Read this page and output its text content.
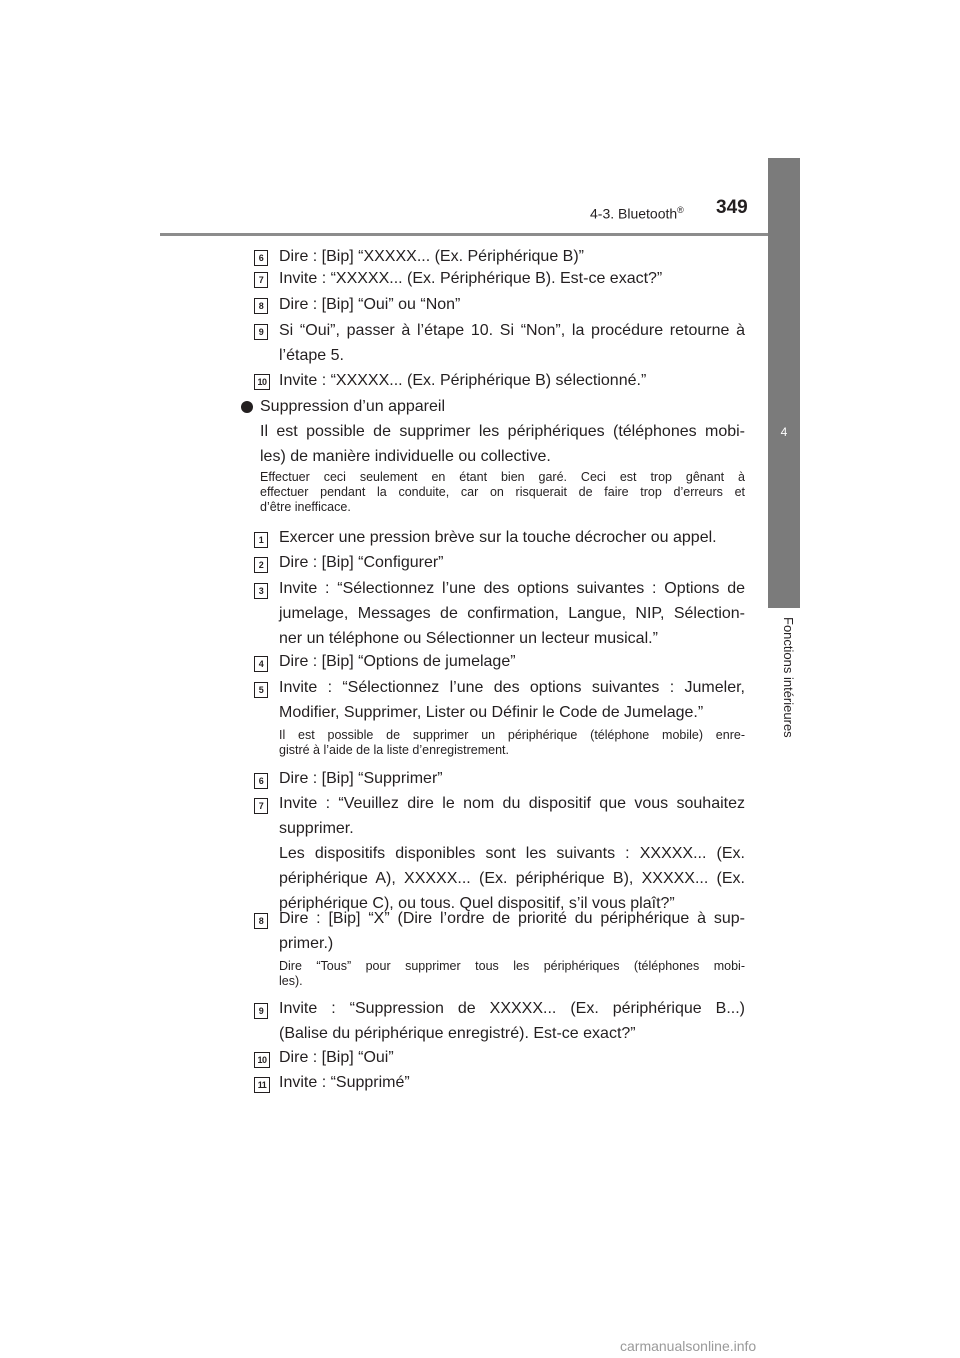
4-3. Bluetooth® 349
4
Fonctions intérieures
6 Dire : [Bip] “XXXXX... (Ex. Périphérique B)”
7 Invite : “XXXXX... (Ex. Périphérique B). Est-ce exact?”
8 Dire : [Bip] “Oui” ou “Non”
9 Si “Oui”, passer à l’étape 10. Si “Non”, la procédure retourne à
l’étape 5.
10 Invite : “XXXXX... (Ex. Périphérique B) sélectionné.”
Suppression d’un appareil
Il est possible de supprimer les périphériques (téléphones mobi-
les) de manière individuelle ou collective.
Effectuer ceci seulement en étant bien garé. Ceci est trop gênant à
effectuer pendant la conduite, car on risquerait de faire trop d’erreurs et
d’être inefficace.
1 Exercer une pression brève sur la touche décrocher ou appel.
2 Dire : [Bip] “Configurer”
3 Invite : “Sélectionnez l’une des options suivantes : Options de
jumelage, Messages de confirmation, Langue, NIP, Sélection-
ner un téléphone ou Sélectionner un lecteur musical.”
4 Dire : [Bip] “Options de jumelage”
5 Invite : “Sélectionnez l’une des options suivantes : Jumeler,
Modifier, Supprimer, Lister ou Définir le Code de Jumelage.”
Il est possible de supprimer un périphérique (téléphone mobile) enre-
gistré à l’aide de la liste d’enregistrement.
6 Dire : [Bip] “Supprimer”
7 Invite : “Veuillez dire le nom du dispositif que vous souhaitez
supprimer.
Les dispositifs disponibles sont les suivants : XXXXX... (Ex.
périphérique A), XXXXX... (Ex. périphérique B), XXXXX... (Ex.
périphérique C), ou tous. Quel dispositif, s’il vous plaît?”
8 Dire : [Bip] “X” (Dire l’ordre de priorité du périphérique à sup-
primer.)
Dire “Tous” pour supprimer tous les périphériques (téléphones mobi-
les).
9 Invite : “Suppression de XXXXX... (Ex. périphérique B...)
(Balise du périphérique enregistré). Est-ce exact?”
10 Dire : [Bip] “Oui”
11 Invite : “Supprimé”
carmanualsonline.info
